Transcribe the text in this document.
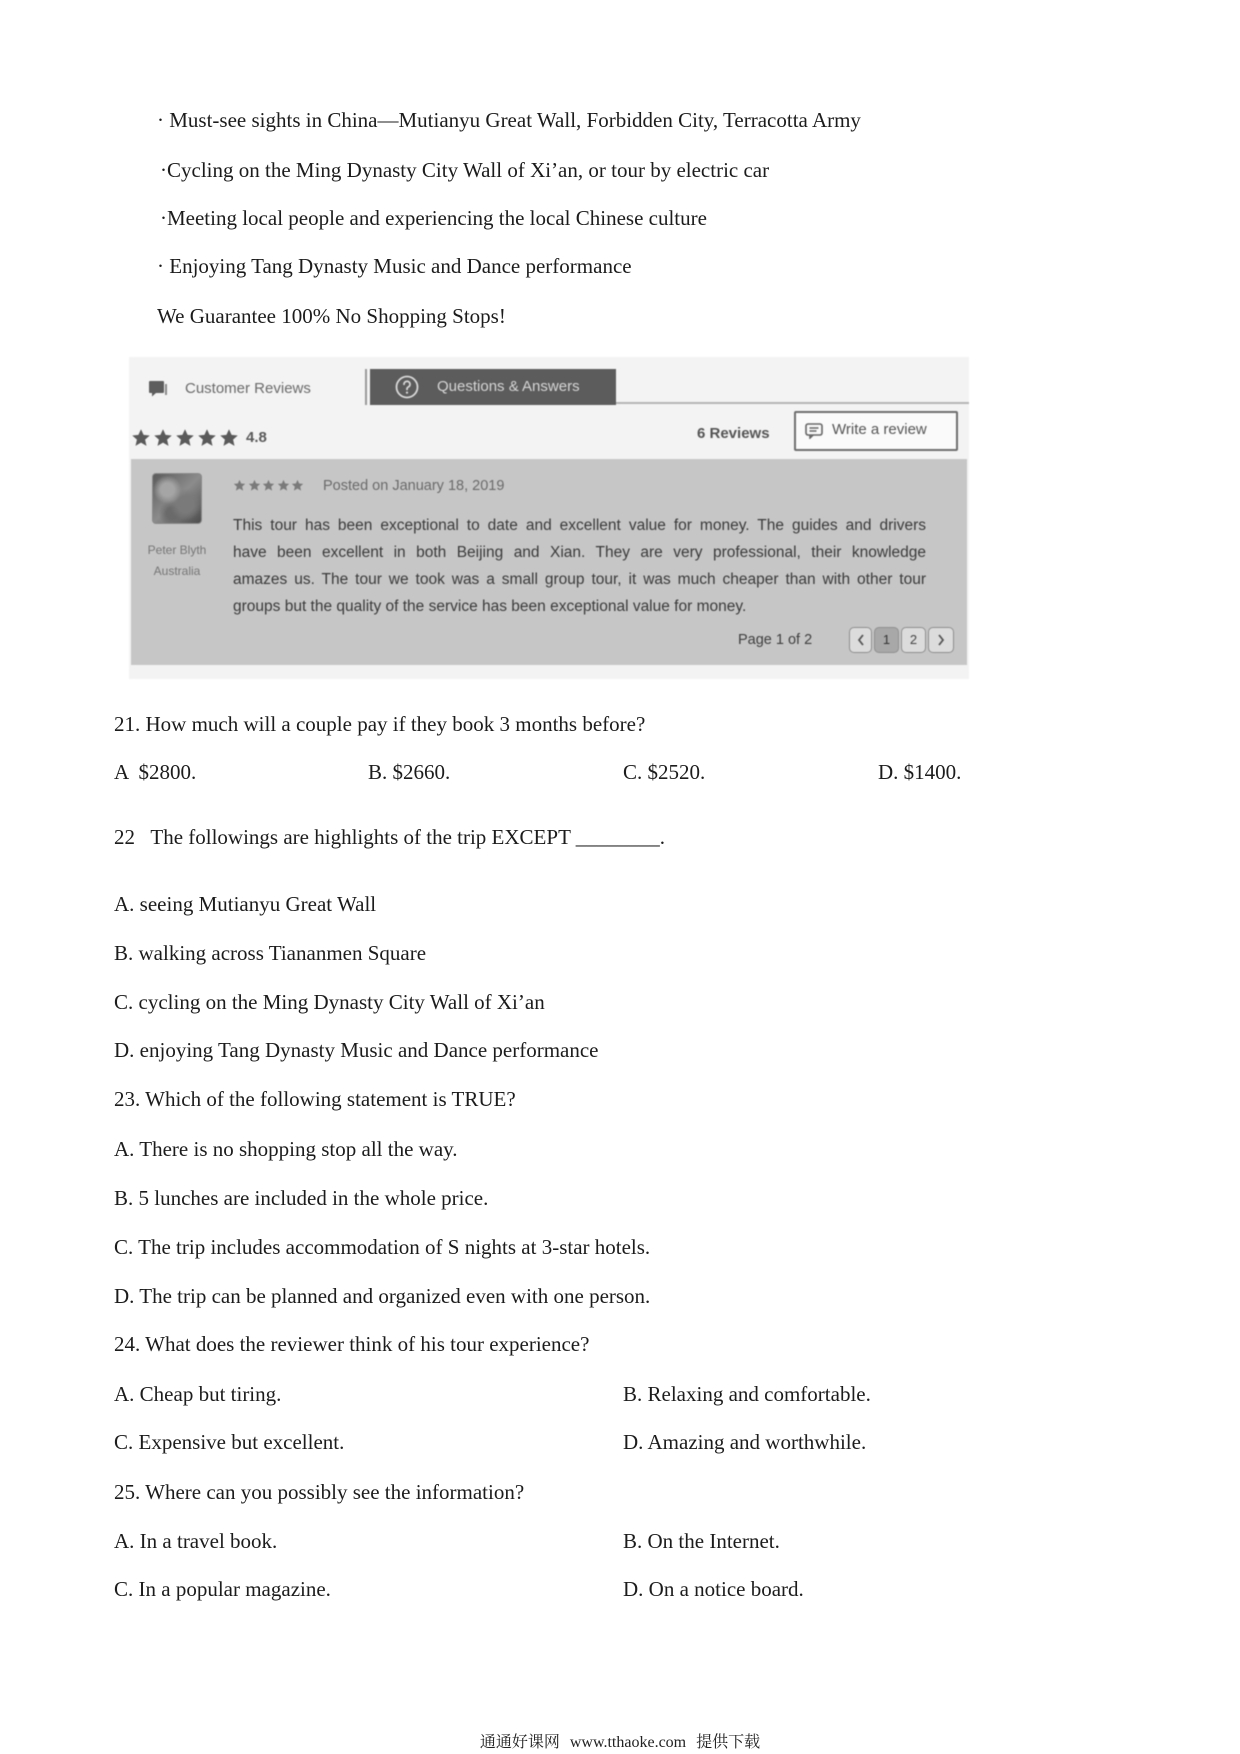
· Must-see sights in China—Mutianyu Great Wall, Forbidden City, Terracotta Army
·Cycling on the Ming Dynasty City Wall of Xi’an, or tour by electric car
·Meeting local people and experiencing the local Chinese culture
· Enjoying Tang Dynasty Music and Dance performance
We Guarantee 100% No Shopping Stops!
Customer Reviews	Questions & Answers
4.8	6 Reviews	Write a review
Peter Blyth
Australia
Posted on January 18, 2019
This tour has been exceptional to date and excellent value for money. The guides and drivers
have been excellent in both Beijing and Xian. They are very professional, their knowledge
amazes us. The tour we took was a small group tour, it was much cheaper than with other tour
groups but the quality of the service has been exceptional value for money.
Page 1 of 2	1	2
21. How much will a couple pay if they book 3 months before?
A  $2800.	B. $2660.	C. $2520.	D. $1400.
22   The followings are highlights of the trip EXCEPT ________.
A. seeing Mutianyu Great Wall
B. walking across Tiananmen Square
C. cycling on the Ming Dynasty City Wall of Xi’an
D. enjoying Tang Dynasty Music and Dance performance
23. Which of the following statement is TRUE?
A. There is no shopping stop all the way.
B. 5 lunches are included in the whole price.
C. The trip includes accommodation of S nights at 3-star hotels.
D. The trip can be planned and organized even with one person.
24. What does the reviewer think of his tour experience?
A. Cheap but tiring.	B. Relaxing and comfortable.
C. Expensive but excellent.	D. Amazing and worthwhile.
25. Where can you possibly see the information?
A. In a travel book.	B. On the Internet.
C. In a popular magazine.	D. On a notice board.
通通好课网 www.tthaoke.com 提供下载
